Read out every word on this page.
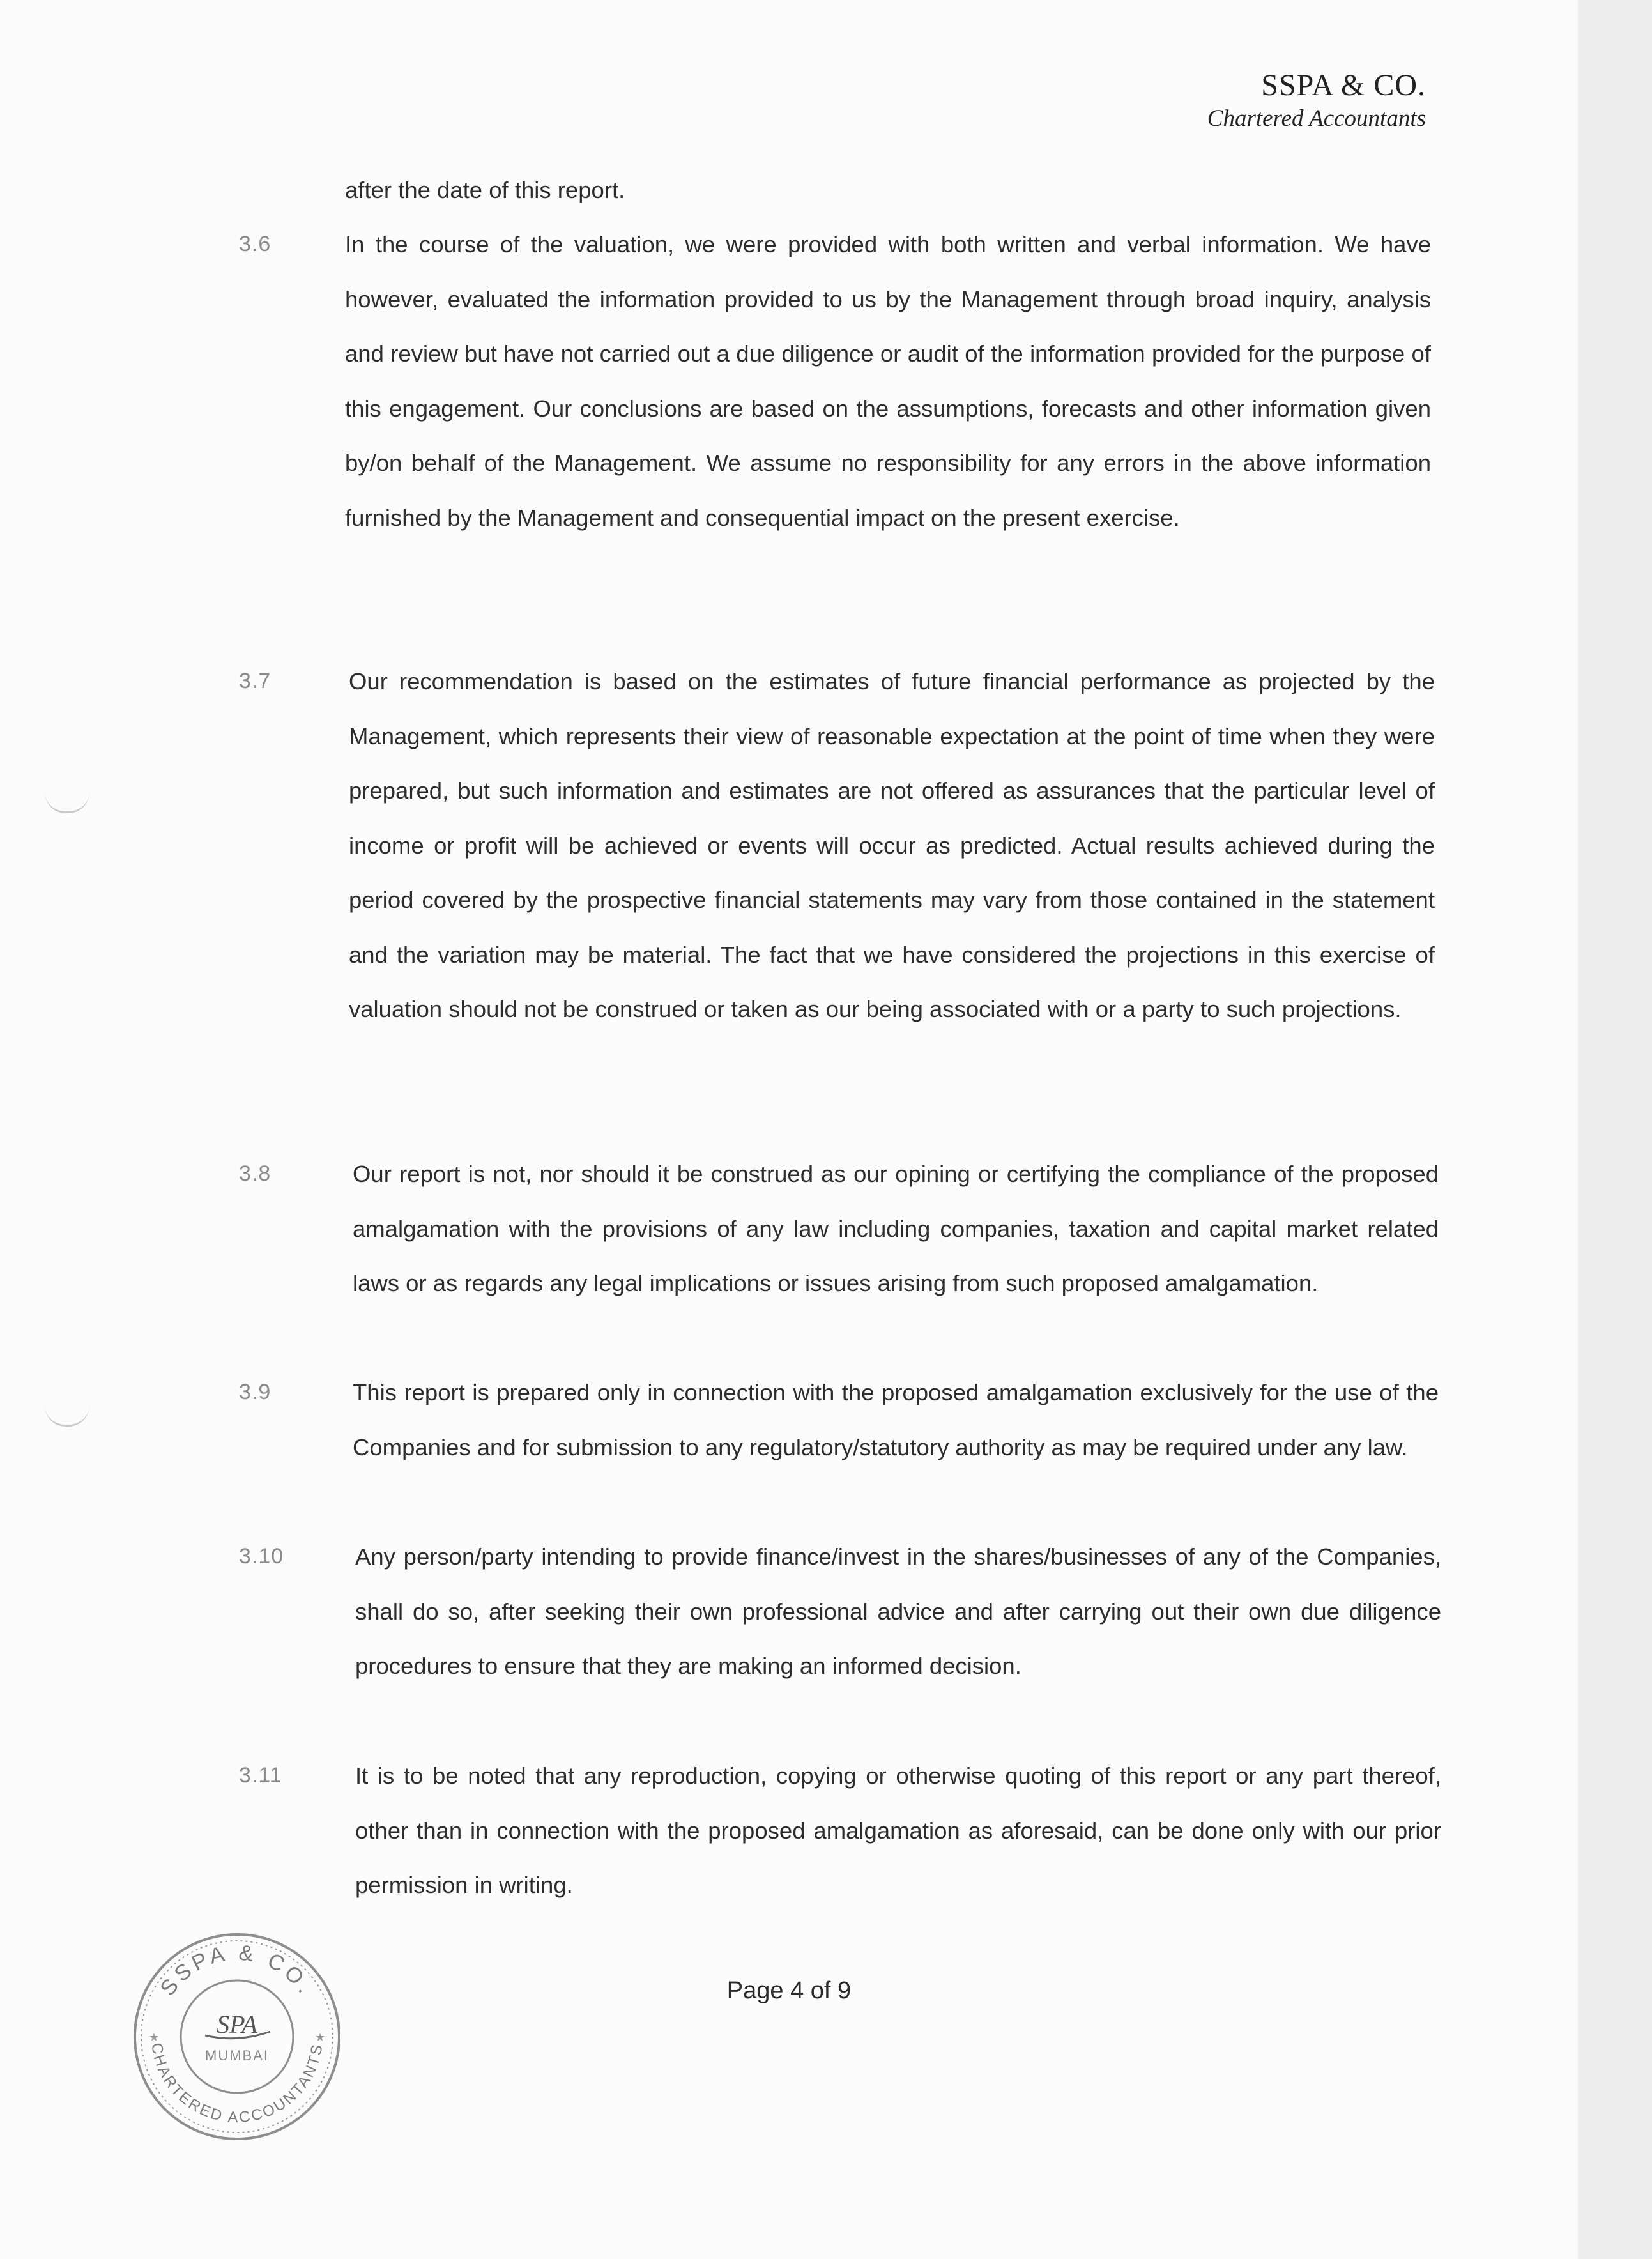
SSPA & CO.
Chartered Accountants
after the date of this report.
3.6	In the course of the valuation, we were provided with both written and verbal information. We have however, evaluated the information provided to us by the Management through broad inquiry, analysis and review but have not carried out a due diligence or audit of the information provided for the purpose of this engagement. Our conclusions are based on the assumptions, forecasts and other information given by/on behalf of the Management. We assume no responsibility for any errors in the above information furnished by the Management and consequential impact on the present exercise.
3.7	Our recommendation is based on the estimates of future financial performance as projected by the Management, which represents their view of reasonable expectation at the point of time when they were prepared, but such information and estimates are not offered as assurances that the particular level of income or profit will be achieved or events will occur as predicted. Actual results achieved during the period covered by the prospective financial statements may vary from those contained in the statement and the variation may be material. The fact that we have considered the projections in this exercise of valuation should not be construed or taken as our being associated with or a party to such projections.
3.8	Our report is not, nor should it be construed as our opining or certifying the compliance of the proposed amalgamation with the provisions of any law including companies, taxation and capital market related laws or as regards any legal implications or issues arising from such proposed amalgamation.
3.9	This report is prepared only in connection with the proposed amalgamation exclusively for the use of the Companies and for submission to any regulatory/statutory authority as may be required under any law.
3.10	Any person/party intending to provide finance/invest in the shares/businesses of any of the Companies, shall do so, after seeking their own professional advice and after carrying out their own due diligence procedures to ensure that they are making an informed decision.
3.11	It is to be noted that any reproduction, copying or otherwise quoting of this report or any part thereof, other than in connection with the proposed amalgamation as aforesaid, can be done only with our prior permission in writing.
Page 4 of 9
SSPA & CO.
CHARTERED ACCOUNTANTS
SPA
MUMBAI
★	★
